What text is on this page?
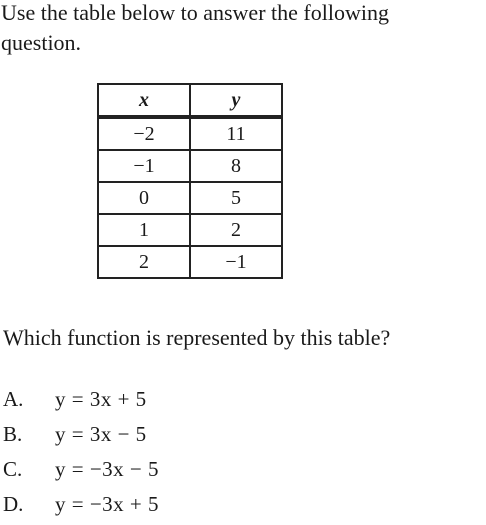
Use the table below to answer the following question.

x	y
−2	11
−1	8
0	5
1	2
2	−1

Which function is represented by this table?

A.	y = 3x + 5
B.	y = 3x − 5
C.	y = −3x − 5
D.	y = −3x + 5
